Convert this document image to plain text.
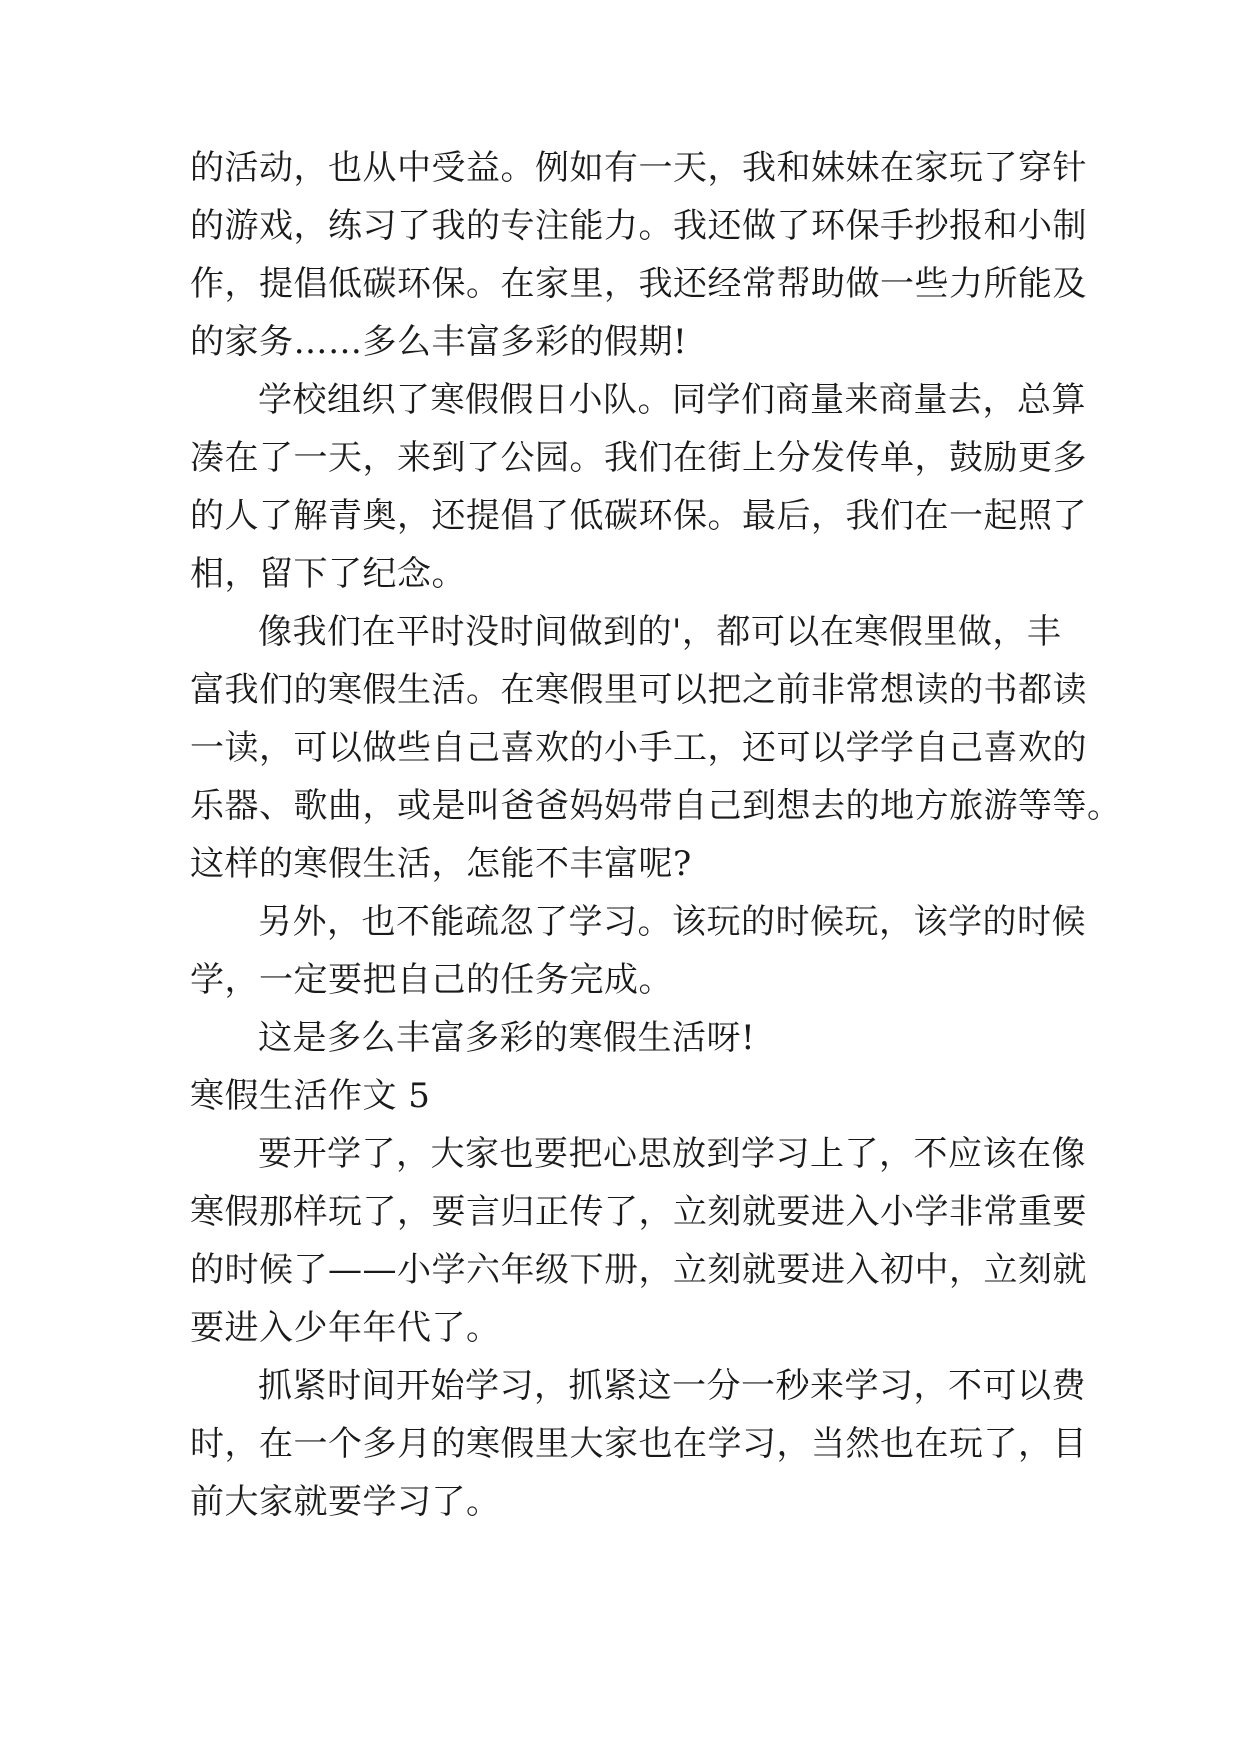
的活动，也从中受益。例如有一天，我和妹妹在家玩了穿针
的游戏，练习了我的专注能力。我还做了环保手抄报和小制
作，提倡低碳环保。在家里，我还经常帮助做一些力所能及
的家务……多么丰富多彩的假期!
学校组织了寒假假日小队。同学们商量来商量去，总算
凑在了一天，来到了公园。我们在街上分发传单，鼓励更多
的人了解青奥，还提倡了低碳环保。最后，我们在一起照了
相，留下了纪念。
像我们在平时没时间做到的'，都可以在寒假里做，丰
富我们的寒假生活。在寒假里可以把之前非常想读的书都读
一读，可以做些自己喜欢的小手工，还可以学学自己喜欢的
乐器、歌曲，或是叫爸爸妈妈带自己到想去的地方旅游等等。
这样的寒假生活，怎能不丰富呢?
另外，也不能疏忽了学习。该玩的时候玩，该学的时候
学，一定要把自己的任务完成。
这是多么丰富多彩的寒假生活呀!
寒假生活作文 5
要开学了，大家也要把心思放到学习上了，不应该在像
寒假那样玩了，要言归正传了，立刻就要进入小学非常重要
的时候了——小学六年级下册，立刻就要进入初中，立刻就
要进入少年年代了。
抓紧时间开始学习，抓紧这一分一秒来学习，不可以费
时，在一个多月的寒假里大家也在学习，当然也在玩了，目
前大家就要学习了。
